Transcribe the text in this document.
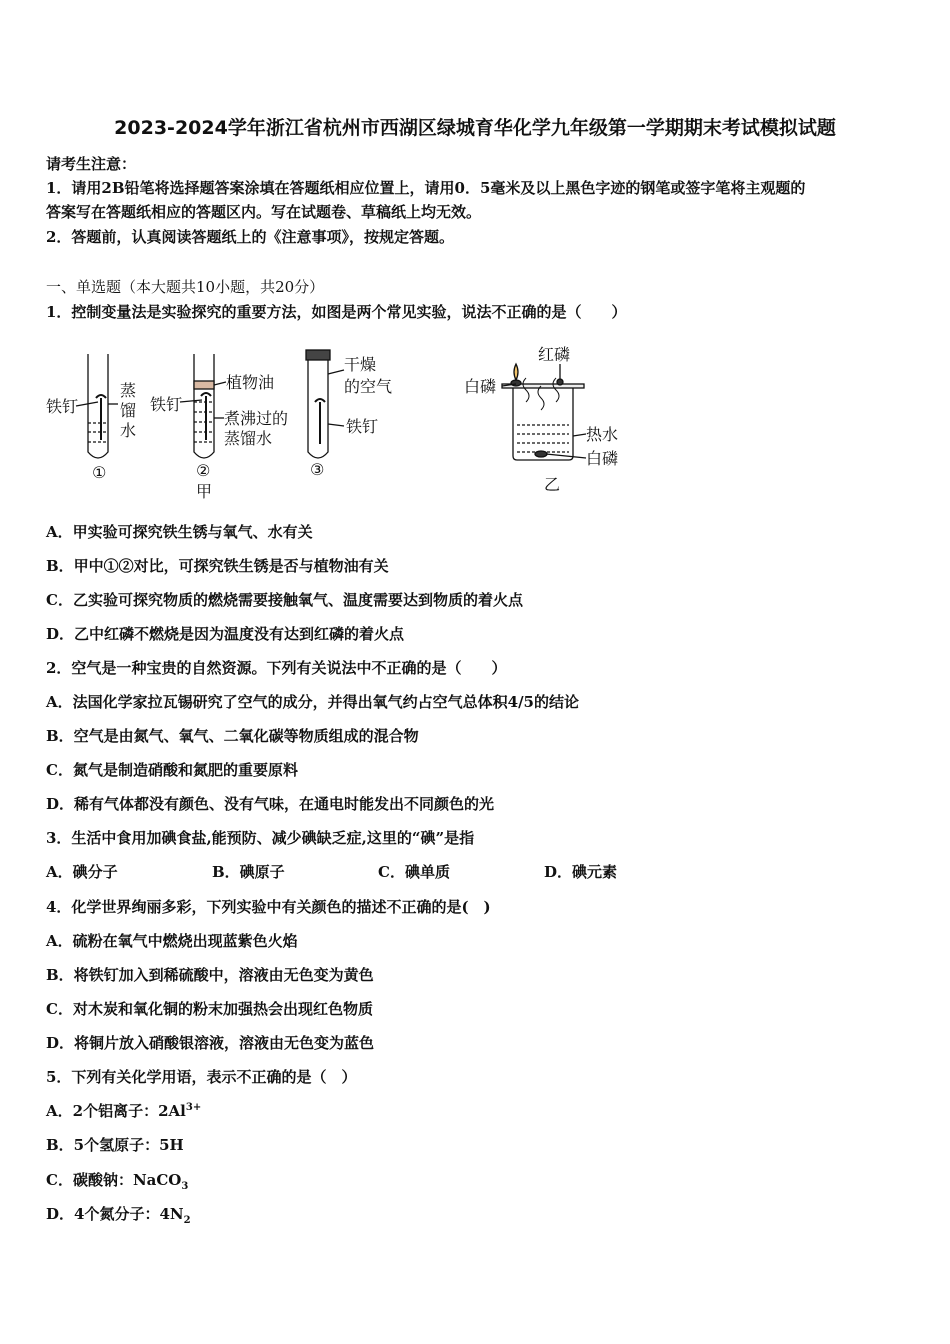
2023-2024学年浙江省杭州市西湖区绿城育华化学九年级第一学期期末考试模拟试题
请考生注意：
1．请用2B铅笔将选择题答案涂填在答题纸相应位置上，请用0．5毫米及以上黑色字迹的钢笔或签字笔将主观题的
答案写在答题纸相应的答题区内。写在试题卷、草稿纸上均无效。
2．答题前，认真阅读答题纸上的《注意事项》，按规定答题。
一、单选题（本大题共10小题，共20分）
1．控制变量法是实验探究的重要方法，如图是两个常见实验，说法不正确的是（　　）
铁钉
蒸
馏
水
①
铁钉
植物油
煮沸过的
蒸馏水
②
甲
干燥
的空气
铁钉
③
红磷
白磷
热水
白磷
乙
A．甲实验可探究铁生锈与氧气、水有关
B．甲中①②对比，可探究铁生锈是否与植物油有关
C．乙实验可探究物质的燃烧需要接触氧气、温度需要达到物质的着火点
D．乙中红磷不燃烧是因为温度没有达到红磷的着火点
2．空气是一种宝贵的自然资源。下列有关说法中不正确的是（　　）
A．法国化学家拉瓦锡研究了空气的成分，并得出氧气约占空气总体积4/5的结论
B．空气是由氮气、氧气、二氧化碳等物质组成的混合物
C．氮气是制造硝酸和氮肥的重要原料
D．稀有气体都没有颜色、没有气味，在通电时能发出不同颜色的光
3．生活中食用加碘食盐,能预防、减少碘缺乏症,这里的“碘”是指
A．碘分子	B．碘原子	C．碘单质	D．碘元素
4．化学世界绚丽多彩，下列实验中有关颜色的描述不正确的是(　)
A．硫粉在氧气中燃烧出现蓝紫色火焰
B．将铁钉加入到稀硫酸中，溶液由无色变为黄色
C．对木炭和氧化铜的粉末加强热会出现红色物质
D．将铜片放入硝酸银溶液，溶液由无色变为蓝色
5．下列有关化学用语，表示不正确的是（　）
A．2个铝离子：$2Al^{3+}$
B．5个氢原子：5H
C．碳酸钠：NaCO$_3$
D．4个氮分子：$4N_2$
